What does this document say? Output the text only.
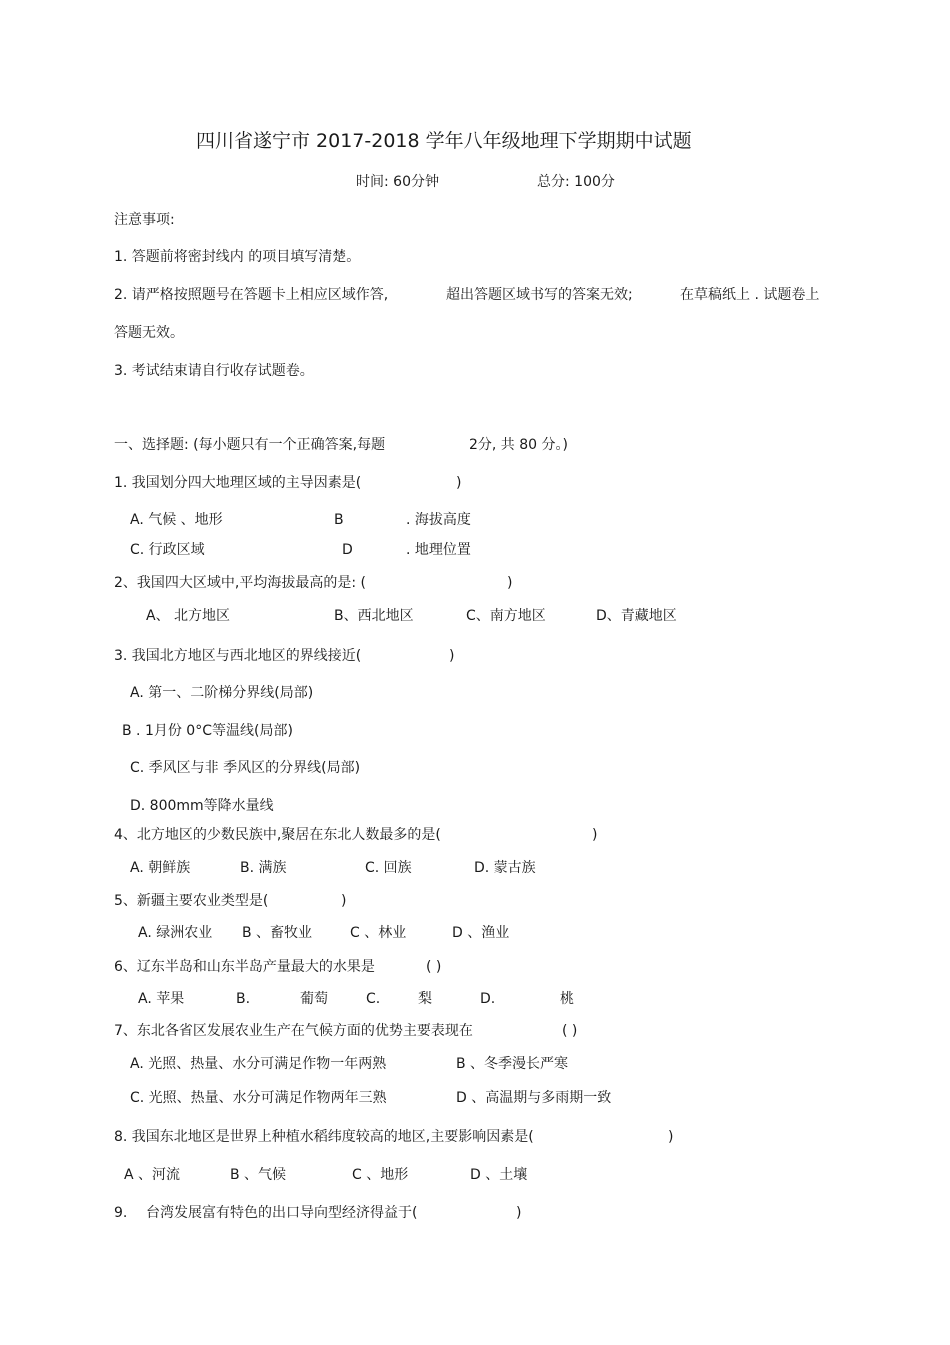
四川省遂宁市 2017-2018 学年八年级地理下学期期中试题
时间: 60分钟	总分: 100分
注意事项:
1. 答题前将密封线内 的项目填写清楚。
2. 请严格按照题号在答题卡上相应区域作答,	超出答题区域书写的答案无效;	在草稿纸上 . 试题卷上
答题无效。
3. 考试结束请自行收存试题卷。
一、选择题: (每小题只有一个正确答案,每题	2分, 共 80 分。)
1. 我国划分四大地理区域的主导因素是(	)
A. 气候 、地形	B	. 海拔高度
C. 行政区域	D	. 地理位置
2、我国四大区域中,平均海拔最高的是: (	)
A、 北方地区	B、西北地区	C、南方地区	D、青藏地区
3. 我国北方地区与西北地区的界线接近(	)
A. 第一、二阶梯分界线(局部)
B . 1月份 0°C等温线(局部)
C. 季风区与非 季风区的分界线(局部)
D. 800mm等降水量线
4、北方地区的少数民族中,聚居在东北人数最多的是(	)
A. 朝鲜族	B. 满族	C. 回族	D. 蒙古族
5、新疆主要农业类型是(	)
A. 绿洲农业 B 、畜牧业	C 、林业	D 、渔业
6、辽东半岛和山东半岛产量最大的水果是	( )
A. 苹果	B.	葡萄	C.	梨	D.	桃
7、东北各省区发展农业生产在气候方面的优势主要表现在	( )
A. 光照、热量、水分可满足作物一年两熟	B 、冬季漫长严寒
C. 光照、热量、水分可满足作物两年三熟	D 、高温期与多雨期一致
8. 我国东北地区是世界上种植水稻纬度较高的地区,主要影响因素是(	)
A 、河流	B 、气候	C 、地形	D 、土壤
9. 台湾发展富有特色的出口导向型经济得益于(	)
